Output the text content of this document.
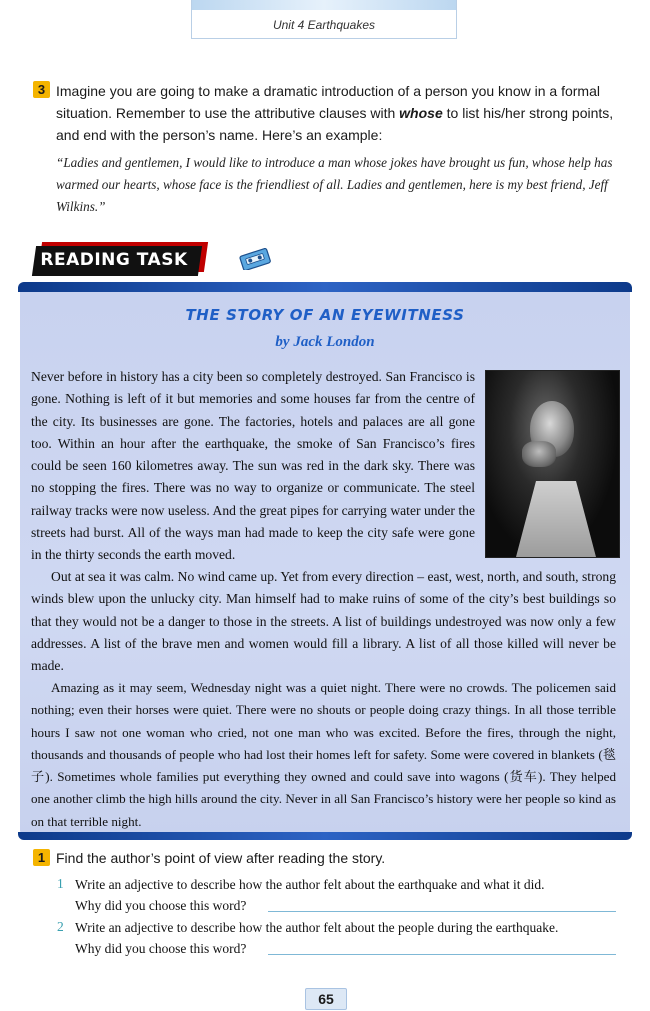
Unit 4 Earthquakes
3 Imagine you are going to make a dramatic introduction of a person you know in a formal situation. Remember to use the attributive clauses with whose to list his/her strong points, and end with the person’s name. Here’s an example:
“Ladies and gentlemen, I would like to introduce a man whose jokes have brought us fun, whose help has warmed our hearts, whose face is the friendliest of all. Ladies and gentlemen, here is my best friend, Jeff Wilkins.”
READING TASK
THE STORY OF AN EYEWITNESS
by Jack London
Never before in history has a city been so completely destroyed. San Francisco is gone. Nothing is left of it but memories and some houses far from the centre of the city. Its businesses are gone. The factories, hotels and palaces are all gone too. Within an hour after the earthquake, the smoke of San Francisco’s fires could be seen 160 kilometres away. The sun was red in the dark sky. There was no stopping the fires. There was no way to organize or communicate. The steel railway tracks were now useless. And the great pipes for carrying water under the streets had burst. All of the ways man had made to keep the city safe were gone in the thirty seconds the earth moved.
Out at sea it was calm. No wind came up. Yet from every direction – east, west, north, and south, strong winds blew upon the unlucky city. Man himself had to make ruins of some of the city’s best buildings so that they would not be a danger to those in the streets. A list of buildings undestroyed was now only a few addresses. A list of the brave men and women would fill a library. A list of all those killed will never be made.
Amazing as it may seem, Wednesday night was a quiet night. There were no crowds. The policemen said nothing; even their horses were quiet. There were no shouts or people doing crazy things. In all those terrible hours I saw not one woman who cried, not one man who was excited. Before the fires, through the night, thousands and thousands of people who had lost their homes left for safety. Some were covered in blankets (毯子). Sometimes whole families put everything they owned and could save into wagons (货车). They helped one another climb the high hills around the city. Never in all San Francisco’s history were her people so kind as on that terrible night.
1 Find the author’s point of view after reading the story.
1 Write an adjective to describe how the author felt about the earthquake and what it did.
Why did you choose this word?
2 Write an adjective to describe how the author felt about the people during the earthquake.
Why did you choose this word?
65
